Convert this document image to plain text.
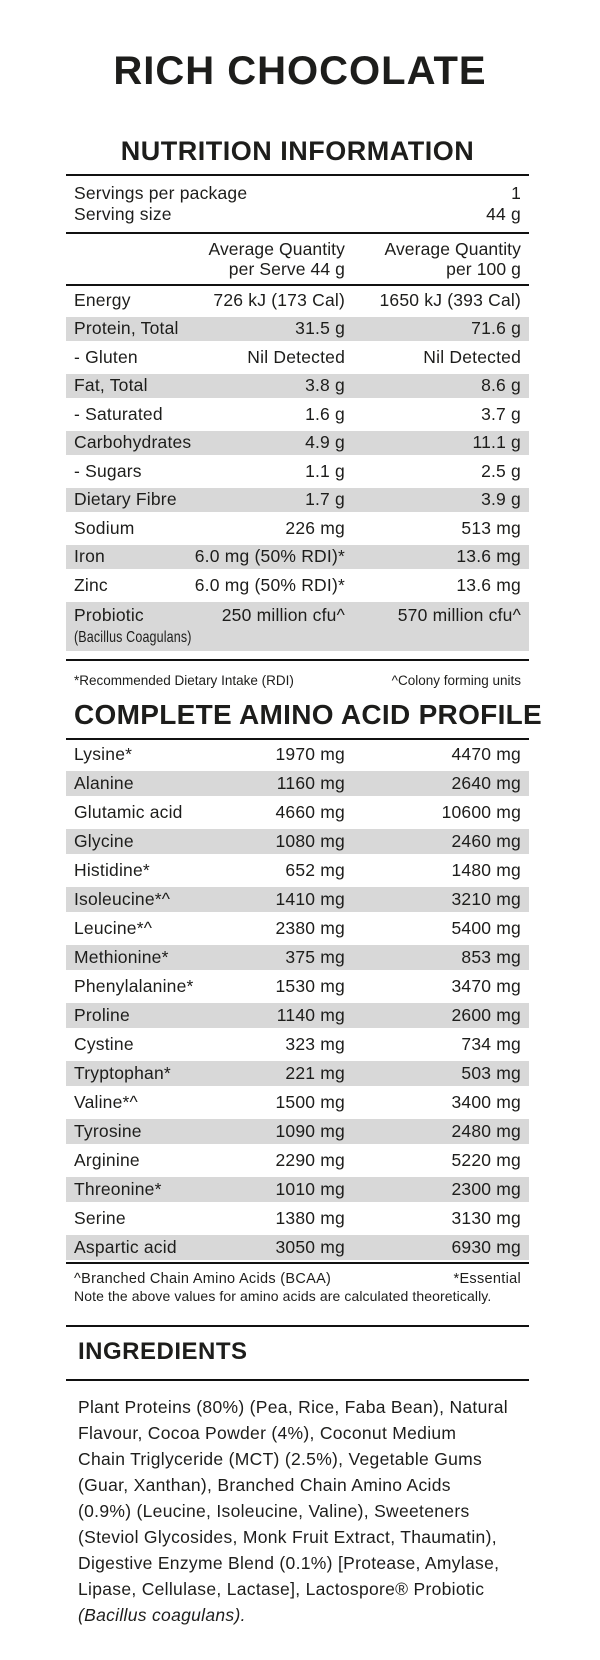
RICH CHOCOLATE
NUTRITION INFORMATION
Servings per package	1
Serving size	44 g
Average Quantity
per Serve 44 g
Average Quantity
per 100 g
Energy	726 kJ (173 Cal)	1650 kJ (393 Cal)
Protein, Total	31.5 g	71.6 g
- Gluten	Nil Detected	Nil Detected
Fat, Total	3.8 g	8.6 g
- Saturated	1.6 g	3.7 g
Carbohydrates	4.9 g	11.1 g
- Sugars	1.1 g	2.5 g
Dietary Fibre	1.7 g	3.9 g
Sodium	226 mg	513 mg
Iron	6.0 mg (50% RDI)*	13.6 mg
Zinc	6.0 mg (50% RDI)*	13.6 mg
Probiotic
(Bacillus Coagulans)
250 million cfu^	570 million cfu^
*Recommended Dietary Intake (RDI)	^Colony forming units
COMPLETE AMINO ACID PROFILE
Lysine*	1970 mg	4470 mg
Alanine	1160 mg	2640 mg
Glutamic acid	4660 mg	10600 mg
Glycine	1080 mg	2460 mg
Histidine*	652 mg	1480 mg
Isoleucine*^	1410 mg	3210 mg
Leucine*^	2380 mg	5400 mg
Methionine*	375 mg	853 mg
Phenylalanine*	1530 mg	3470 mg
Proline	1140 mg	2600 mg
Cystine	323 mg	734 mg
Tryptophan*	221 mg	503 mg
Valine*^	1500 mg	3400 mg
Tyrosine	1090 mg	2480 mg
Arginine	2290 mg	5220 mg
Threonine*	1010 mg	2300 mg
Serine	1380 mg	3130 mg
Aspartic acid	3050 mg	6930 mg
^Branched Chain Amino Acids (BCAA)	*Essential
Note the above values for amino acids are calculated theoretically.
INGREDIENTS
Plant Proteins (80%) (Pea, Rice, Faba Bean), Natural
Flavour, Cocoa Powder (4%), Coconut Medium
Chain Triglyceride (MCT) (2.5%), Vegetable Gums
(Guar, Xanthan), Branched Chain Amino Acids
(0.9%) (Leucine, Isoleucine, Valine), Sweeteners
(Steviol Glycosides, Monk Fruit Extract, Thaumatin),
Digestive Enzyme Blend (0.1%) [Protease, Amylase,
Lipase, Cellulase, Lactase], Lactospore® Probiotic
(Bacillus coagulans).
